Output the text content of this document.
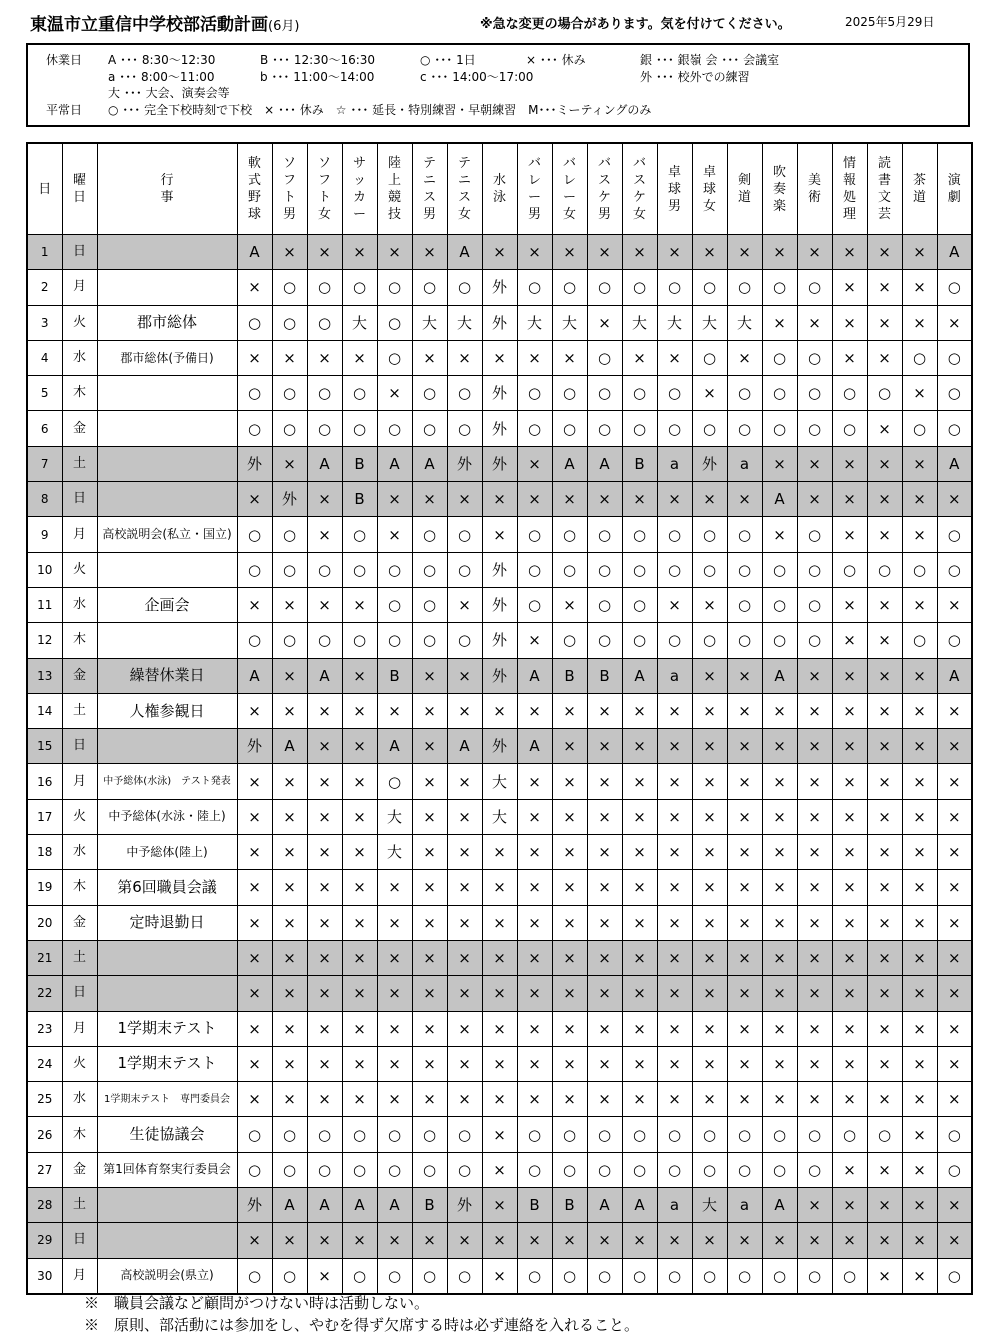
東温市立重信中学校部活動計画(6月)	※急な変更の場合があります。気を付けてください。	2025年5月29日
休業日 A ･･･ 8:30～12:30	B ･･･ 12:30～16:30	○ ･･･ 1日	× ･･･ 休み	銀 ･･･ 銀嶺 会 ･･･ 会議室
a ･･･ 8:00～11:00	b ･･･ 11:00～14:00	c ･･･ 14:00～17:00	外 ･･･ 校外での練習
大 ･･･ 大会、演奏会等
平常日 ○ ･･･ 完全下校時刻で下校　× ･･･ 休み　☆ ･･･ 延長・特別練習・早朝練習　M･･･ミーティングのみ
日	曜日	行事	軟式野球	ソフト男	ソフト女	サッカー	陸上競技	テニス男	テニス女	水泳	バレー男	バレー女	バスケ男	バスケ女	卓球男	卓球女	剣道	吹奏楽	美術	情報処理	読書文芸	茶道	演劇
1	日		A	×	×	×	×	×	A	×	×	×	×	×	×	×	×	×	×	×	×	×	A
2	月		×	○	○	○	○	○	○	外	○	○	○	○	○	○	○	○	○	×	×	×	○
3	火	郡市総体	○	○	○	大	○	大	大	外	大	大	×	大	大	大	大	×	×	×	×	×	×
4	水	郡市総体(予備日)	×	×	×	×	○	×	×	×	×	×	○	×	×	○	×	○	○	×	×	○	○
5	木		○	○	○	○	×	○	○	外	○	○	○	○	○	×	○	○	○	○	○	×	○
6	金		○	○	○	○	○	○	○	外	○	○	○	○	○	○	○	○	○	○	×	○	○
7	土		外	×	A	B	A	A	外	外	×	A	A	B	a	外	a	×	×	×	×	×	A
8	日		×	外	×	B	×	×	×	×	×	×	×	×	×	×	×	A	×	×	×	×	×
9	月	高校説明会(私立・国立)	○	○	×	○	×	○	○	×	○	○	○	○	○	○	○	×	○	×	×	×	○
10	火		○	○	○	○	○	○	○	外	○	○	○	○	○	○	○	○	○	○	○	○	○
11	水	企画会	×	×	×	×	○	○	×	外	○	×	○	○	×	×	○	○	○	×	×	×	×
12	木		○	○	○	○	○	○	○	外	×	○	○	○	○	○	○	○	○	×	×	○	○
13	金	繰替休業日	A	×	A	×	B	×	×	外	A	B	B	A	a	×	×	A	×	×	×	×	A
14	土	人権参観日	×	×	×	×	×	×	×	×	×	×	×	×	×	×	×	×	×	×	×	×	×
15	日		外	A	×	×	A	×	A	外	A	×	×	×	×	×	×	×	×	×	×	×	×
16	月	中予総体(水泳)　テスト発表	×	×	×	×	○	×	×	大	×	×	×	×	×	×	×	×	×	×	×	×	×
17	火	中予総体(水泳・陸上)	×	×	×	×	大	×	×	大	×	×	×	×	×	×	×	×	×	×	×	×	×
18	水	中予総体(陸上)	×	×	×	×	大	×	×	×	×	×	×	×	×	×	×	×	×	×	×	×	×
19	木	第6回職員会議	×	×	×	×	×	×	×	×	×	×	×	×	×	×	×	×	×	×	×	×	×
20	金	定時退勤日	×	×	×	×	×	×	×	×	×	×	×	×	×	×	×	×	×	×	×	×	×
21	土		×	×	×	×	×	×	×	×	×	×	×	×	×	×	×	×	×	×	×	×	×
22	日		×	×	×	×	×	×	×	×	×	×	×	×	×	×	×	×	×	×	×	×	×
23	月	1学期末テスト	×	×	×	×	×	×	×	×	×	×	×	×	×	×	×	×	×	×	×	×	×
24	火	1学期末テスト	×	×	×	×	×	×	×	×	×	×	×	×	×	×	×	×	×	×	×	×	×
25	水	1学期末テスト　専門委員会	×	×	×	×	×	×	×	×	×	×	×	×	×	×	×	×	×	×	×	×	×
26	木	生徒協議会	○	○	○	○	○	○	○	×	○	○	○	○	○	○	○	○	○	○	○	×	○
27	金	第1回体育祭実行委員会	○	○	○	○	○	○	○	×	○	○	○	○	○	○	○	○	○	×	×	×	○
28	土		外	A	A	A	A	B	外	×	B	B	A	A	a	大	a	A	×	×	×	×	×
29	日		×	×	×	×	×	×	×	×	×	×	×	×	×	×	×	×	×	×	×	×	×
30	月	高校説明会(県立)	○	○	×	○	○	○	○	×	○	○	○	○	○	○	○	○	○	○	×	×	○
※　職員会議など顧問がつけない時は活動しない。
※　原則、部活動には参加をし、やむを得ず欠席する時は必ず連絡を入れること。
